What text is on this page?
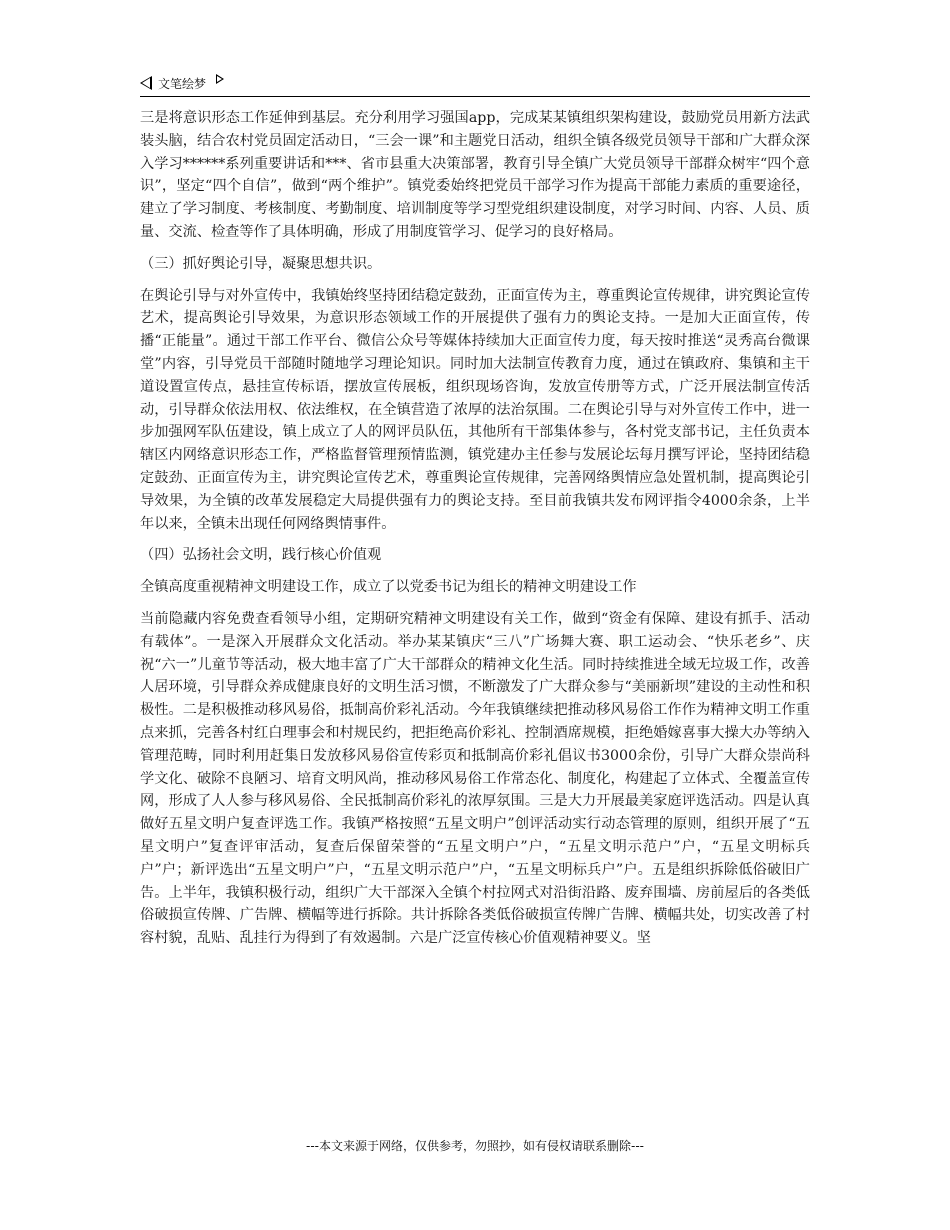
文笔绘梦

三是将意识形态工作延伸到基层。充分利用学习强国app，完成某某镇组织架构建设，鼓励党员用新方法武装头脑，结合农村党员固定活动日，“三会一课”和主题党日活动，组织全镇各级党员领导干部和广大群众深入学习******系列重要讲话和***、省市县重大决策部署，教育引导全镇广大党员领导干部群众树牢“四个意识”，坚定“四个自信”，做到“两个维护”。镇党委始终把党员干部学习作为提高干部能力素质的重要途径，建立了学习制度、考核制度、考勤制度、培训制度等学习型党组织建设制度，对学习时间、内容、人员、质量、交流、检查等作了具体明确，形成了用制度管学习、促学习的良好格局。

（三）抓好舆论引导，凝聚思想共识。

在舆论引导与对外宣传中，我镇始终坚持团结稳定鼓劲，正面宣传为主，尊重舆论宣传规律，讲究舆论宣传艺术，提高舆论引导效果，为意识形态领域工作的开展提供了强有力的舆论支持。一是加大正面宣传，传播“正能量”。通过干部工作平台、微信公众号等媒体持续加大正面宣传力度，每天按时推送“灵秀高台微课堂”内容，引导党员干部随时随地学习理论知识。同时加大法制宣传教育力度，通过在镇政府、集镇和主干道设置宣传点，悬挂宣传标语，摆放宣传展板，组织现场咨询，发放宣传册等方式，广泛开展法制宣传活动，引导群众依法用权、依法维权，在全镇营造了浓厚的法治氛围。二在舆论引导与对外宣传工作中，进一步加强网军队伍建设，镇上成立了人的网评员队伍，其他所有干部集体参与，各村党支部书记，主任负责本辖区内网络意识形态工作，严格监督管理预情监测，镇党建办主任参与发展论坛每月撰写评论，坚持团结稳定鼓劲、正面宣传为主，讲究舆论宣传艺术，尊重舆论宣传规律，完善网络舆情应急处置机制，提高舆论引导效果，为全镇的改革发展稳定大局提供强有力的舆论支持。至目前我镇共发布网评指令4000余条，上半年以来，全镇未出现任何网络舆情事件。

（四）弘扬社会文明，践行核心价值观

全镇高度重视精神文明建设工作，成立了以党委书记为组长的精神文明建设工作

当前隐藏内容免费查看领导小组，定期研究精神文明建设有关工作，做到“资金有保障、建设有抓手、活动有载体”。一是深入开展群众文化活动。举办某某镇庆“三八”广场舞大赛、职工运动会、“快乐老乡”、庆祝“六一”儿童节等活动，极大地丰富了广大干部群众的精神文化生活。同时持续推进全域无垃圾工作，改善人居环境，引导群众养成健康良好的文明生活习惯，不断激发了广大群众参与“美丽新坝”建设的主动性和积极性。二是积极推动移风易俗，抵制高价彩礼活动。今年我镇继续把推动移风易俗工作作为精神文明工作重点来抓，完善各村红白理事会和村规民约，把拒绝高价彩礼、控制酒席规模，拒绝婚嫁喜事大操大办等纳入管理范畴，同时利用赶集日发放移风易俗宣传彩页和抵制高价彩礼倡议书3000余份，引导广大群众崇尚科学文化、破除不良陋习、培育文明风尚，推动移风易俗工作常态化、制度化，构建起了立体式、全覆盖宣传网，形成了人人参与移风易俗、全民抵制高价彩礼的浓厚氛围。三是大力开展最美家庭评选活动。四是认真做好五星文明户复查评选工作。我镇严格按照“五星文明户”创评活动实行动态管理的原则，组织开展了“五星文明户”复查评审活动，复查后保留荣誉的“五星文明户”户，“五星文明示范户”户，“五星文明标兵户”户；新评选出“五星文明户”户，“五星文明示范户”户，“五星文明标兵户”户。五是组织拆除低俗破旧广告。上半年，我镇积极行动，组织广大干部深入全镇个村拉网式对沿街沿路、废弃围墙、房前屋后的各类低俗破损宣传牌、广告牌、横幅等进行拆除。共计拆除各类低俗破损宣传牌广告牌、横幅共处，切实改善了村容村貌，乱贴、乱挂行为得到了有效遏制。六是广泛宣传核心价值观精神要义。坚

---本文来源于网络，仅供参考，勿照抄，如有侵权请联系删除---
